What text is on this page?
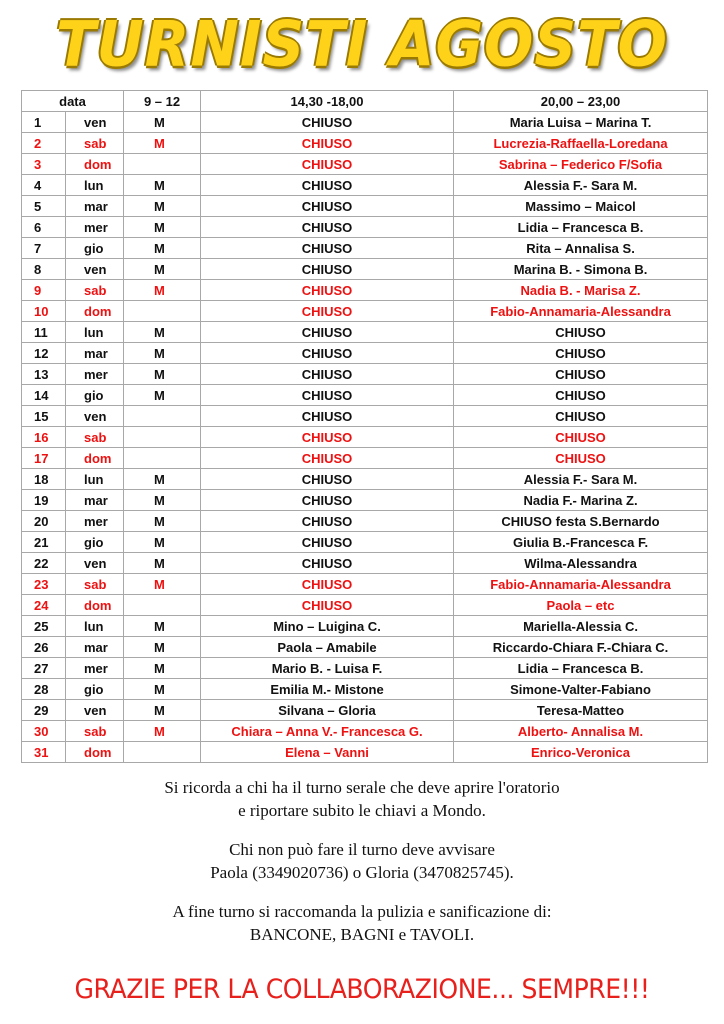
TURNISTI AGOSTO
data		9 – 12	14,30 -18,00	20,00 – 23,00
1	ven	M	CHIUSO	Maria Luisa – Marina T.
2	sab	M	CHIUSO	Lucrezia-Raffaella-Loredana
3	dom		CHIUSO	Sabrina – Federico F/Sofia
4	lun	M	CHIUSO	Alessia F.- Sara M.
5	mar	M	CHIUSO	Massimo – Maicol
6	mer	M	CHIUSO	Lidia – Francesca B.
7	gio	M	CHIUSO	Rita – Annalisa S.
8	ven	M	CHIUSO	Marina B. - Simona B.
9	sab	M	CHIUSO	Nadia B. - Marisa Z.
10	dom		CHIUSO	Fabio-Annamaria-Alessandra
11	lun	M	CHIUSO	CHIUSO
12	mar	M	CHIUSO	CHIUSO
13	mer	M	CHIUSO	CHIUSO
14	gio	M	CHIUSO	CHIUSO
15	ven		CHIUSO	CHIUSO
16	sab		CHIUSO	CHIUSO
17	dom		CHIUSO	CHIUSO
18	lun	M	CHIUSO	Alessia F.- Sara M.
19	mar	M	CHIUSO	Nadia F.- Marina Z.
20	mer	M	CHIUSO	CHIUSO festa S.Bernardo
21	gio	M	CHIUSO	Giulia B.-Francesca F.
22	ven	M	CHIUSO	Wilma-Alessandra
23	sab	M	CHIUSO	Fabio-Annamaria-Alessandra
24	dom		CHIUSO	Paola – etc
25	lun	M	Mino – Luigina C.	Mariella-Alessia C.
26	mar	M	Paola – Amabile	Riccardo-Chiara F.-Chiara C.
27	mer	M	Mario B. - Luisa F.	Lidia – Francesca B.
28	gio	M	Emilia M.- Mistone	Simone-Valter-Fabiano
29	ven	M	Silvana – Gloria	Teresa-Matteo
30	sab	M	Chiara – Anna V.- Francesca G.	Alberto- Annalisa M.
31	dom		Elena – Vanni	Enrico-Veronica
Si ricorda a chi ha il turno serale che deve aprire l'oratorio
e riportare subito le chiavi a Mondo.
Chi non può fare il turno deve avvisare
Paola (3349020736) o Gloria (3470825745).
A fine turno si raccomanda la pulizia e sanificazione di:
BANCONE, BAGNI e TAVOLI.
GRAZIE PER LA COLLABORAZIONE... SEMPRE!!!
